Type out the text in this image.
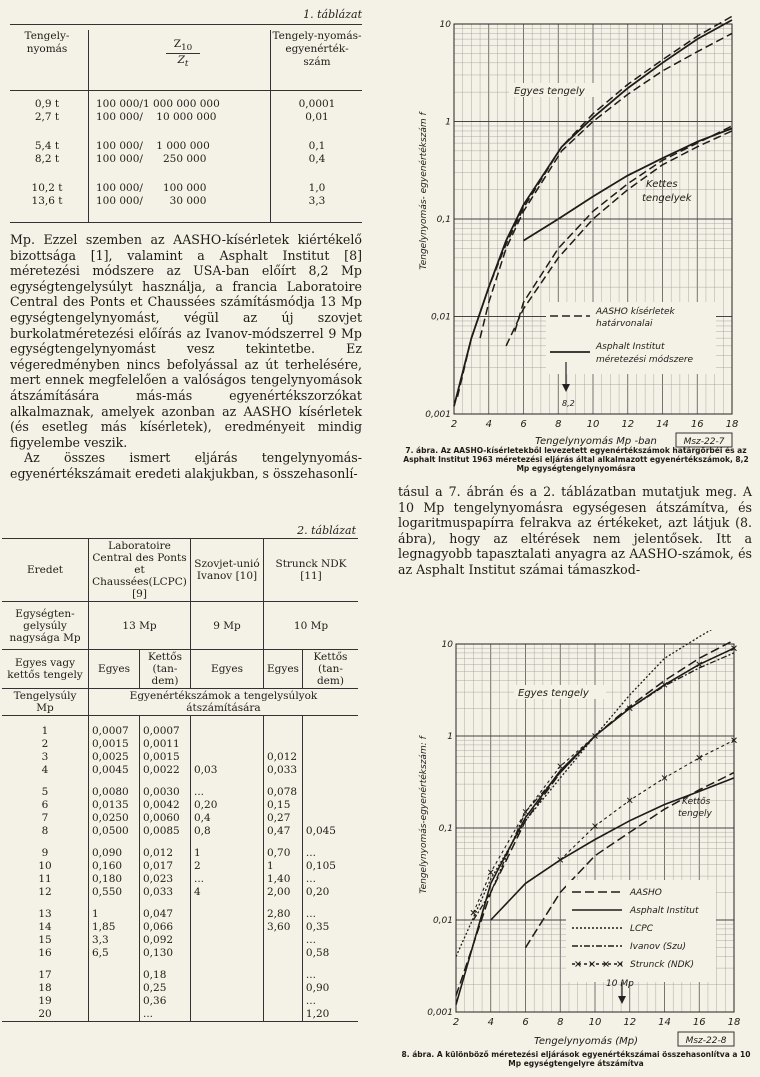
1. táblázat
Tengely-nyomás	$Z_{10}$
$Z_t$
Tengely-nyomás-egyenérték-szám
0,9 t	100 000/1 000 000 000	0,0001
2,7 t	100 000/    10 000 000	0,01
5,4 t	100 000/    1 000 000	0,1
8,2 t	100 000/      250 000	0,4
10,2 t	100 000/      100 000	1,0
13,6 t	100 000/        30 000	3,3

Mp. Ezzel szemben az AASHO-kísérletek kiértékelő bizottsága [1], valamint a Asphalt Institut [8] méretezési módszere az USA-ban előírt 8,2 Mp egységtengelysúlyt használja, a francia Laboratoire Central des Ponts et Chaussées számításmódja 13 Mp egységtengelynyomást, végül az új szovjet burkolatméretezési előírás az Ivanov-módszerrel 9 Mp egységtengelynyomást vesz tekintetbe. Ez végeredményben nincs befolyással az út terhelésére, mert ennek megfelelően a valóságos tengelynyomások átszámítására más-más egyenértékszorzókat alkalmaznak, amelyek azonban az AASHO kísérletek (és esetleg más kísérletek), eredményeit mindig figyelembe veszik.

Az összes ismert eljárás tengelynyomás-egyenértékszámait eredeti alakjukban, s összehasonlí-

2. táblázat
Eredet	Laboratoire Central des Ponts et Chaussées(LCPC) [9]		Szovjet-unió Ivanov [10]	Strunck NDK [11]	
Egységten-gelysúly nagysága Mp	13 Mp		9 Mp	10 Mp	
Egyes vagy kettős tengely	Egyes	Kettős (tan-dem)	Egyes	Egyes	Kettős (tan-dem)
Tengelysúly Mp	Egyenértékszámok a tengelysúlyok átszámítására				
1	0,0007	0,0007			
2	0,0015	0,0011			
3	0,0025	0,0015		0,012	
4	0,0045	0,0022	0,03	0,033	
5	0,0080	0,0030	...	0,078	
6	0,0135	0,0042	0,20	0,15	
7	0,0250	0,0060	0,4	0,27	
8	0,0500	0,0085	0,8	0,47	0,045
9	0,090	0,012	1	0,70	...
10	0,160	0,017	2	1	0,105
11	0,180	0,023	...	1,40	...
12	0,550	0,033	4	2,00	0,20
13	1	0,047		2,80	...
14	1,85	0,066		3,60	0,35
15	3,3	0,092			...
16	6,5	0,130			0,58
17		0,18			...
18		0,25			0,90
19		0,36			...
20		...			1,20
2	4	6	8	10 12 14 16 18
0,001
0,01
0,1
1
10
Tengelynyomás- egyenértékszám f
Tengelynyomás Mp -ban	Msz-22-7
Egyes tengely
Kettes
tengelyek
AASHO kísérletek
határvonalai
Asphalt Institut
méretezési módszere
8,2
7. ábra. Az AASHO-kísérletekből levezetett egyenértékszámok határgörbéi és az Asphalt Institut 1963 méretezési eljárás által alkalmazott egyenértékszámok, 8,2 Mp egységtengelynyomásra

tásul a 7. ábrán és a 2. táblázatban mutatjuk meg. A 10 Mp tengelynyomásra egységesen átszámítva, és logaritmuspapírra felrakva az értékeket, azt látjuk (8. ábra), hogy az eltérések nem jelentősek. Itt a legnagyobb tapasztalati anyagra az AASHO-számok, és az Asphalt Institut számai támaszkod-

2	4	6	8	10 12 14 16 18
0,001
0,01
0,1
1
10
Tengelynyomás-egyenértékszám: f
Tengelynyomás (Mp)	Msz-22-8
Egyes tengely
Kettős
tengely
AASHO
Asphalt Institut
LCPC
Ivanov (Szu)
Strunck (NDK)
10 Mp
8. ábra. A különböző méretezési eljárások egyenértékszámai összehasonlítva a 10 Mp egységtengelyre átszámítva
